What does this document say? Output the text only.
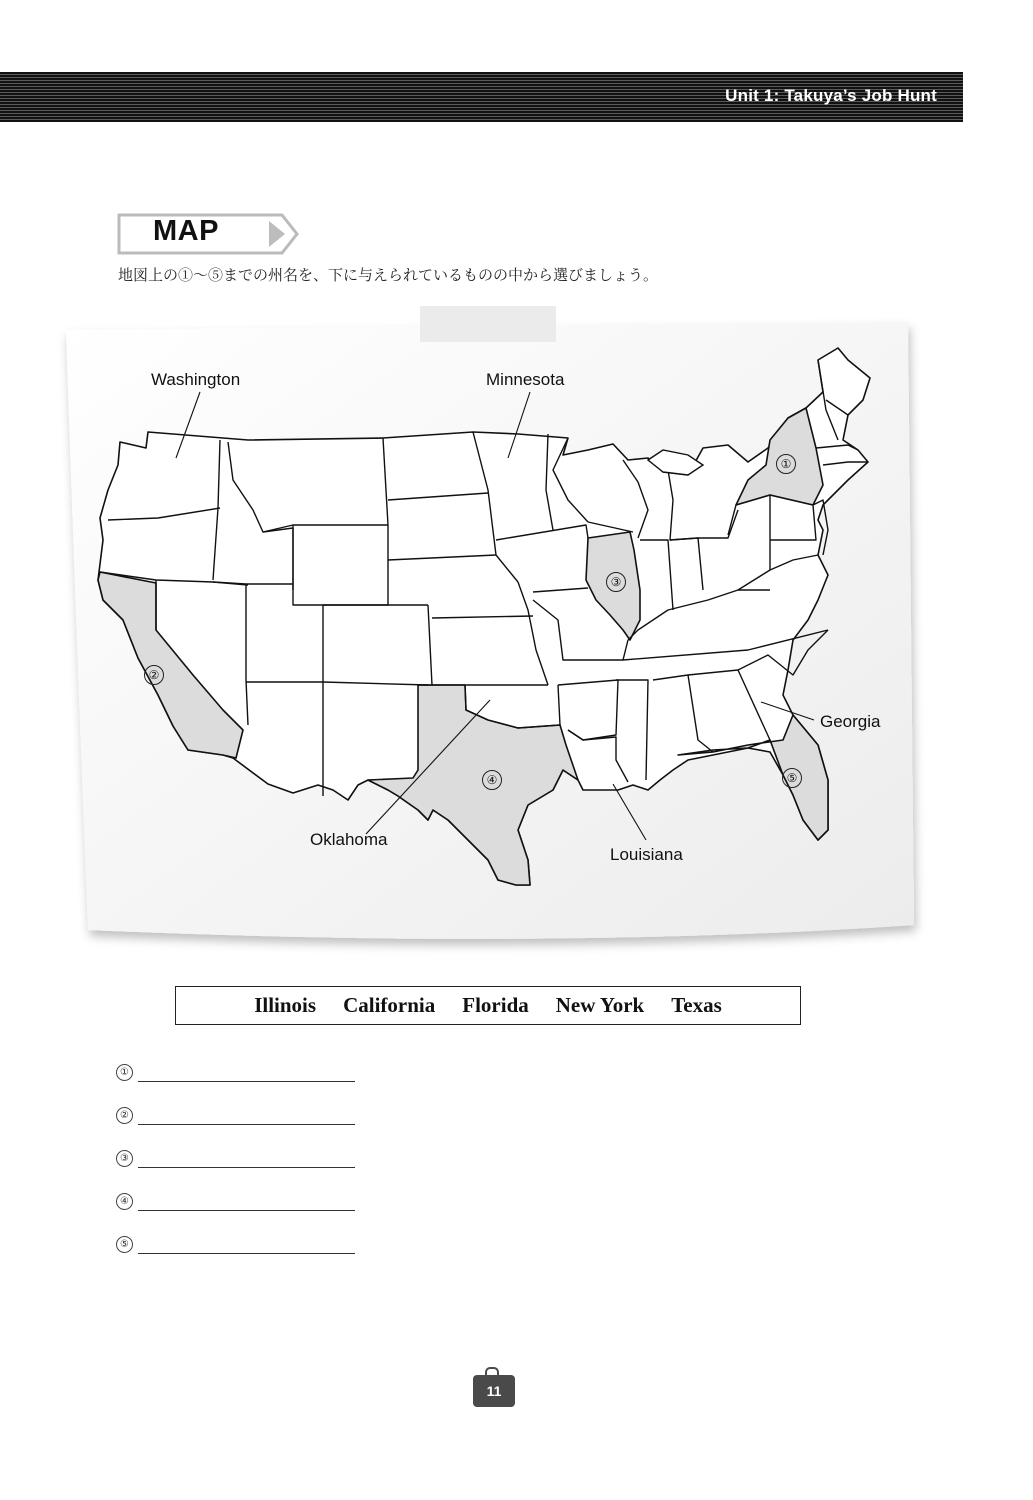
Unit 1: Takuya’s Job Hunt
MAP
地図上の①〜⑤までの州名を、下に与えられているものの中から選びましょう。
Washington	Minnesota
Georgia
Oklahoma
Louisiana
①
②
③
④	⑤
Illinois California Florida New York Texas
①
②
③
④
⑤
11
